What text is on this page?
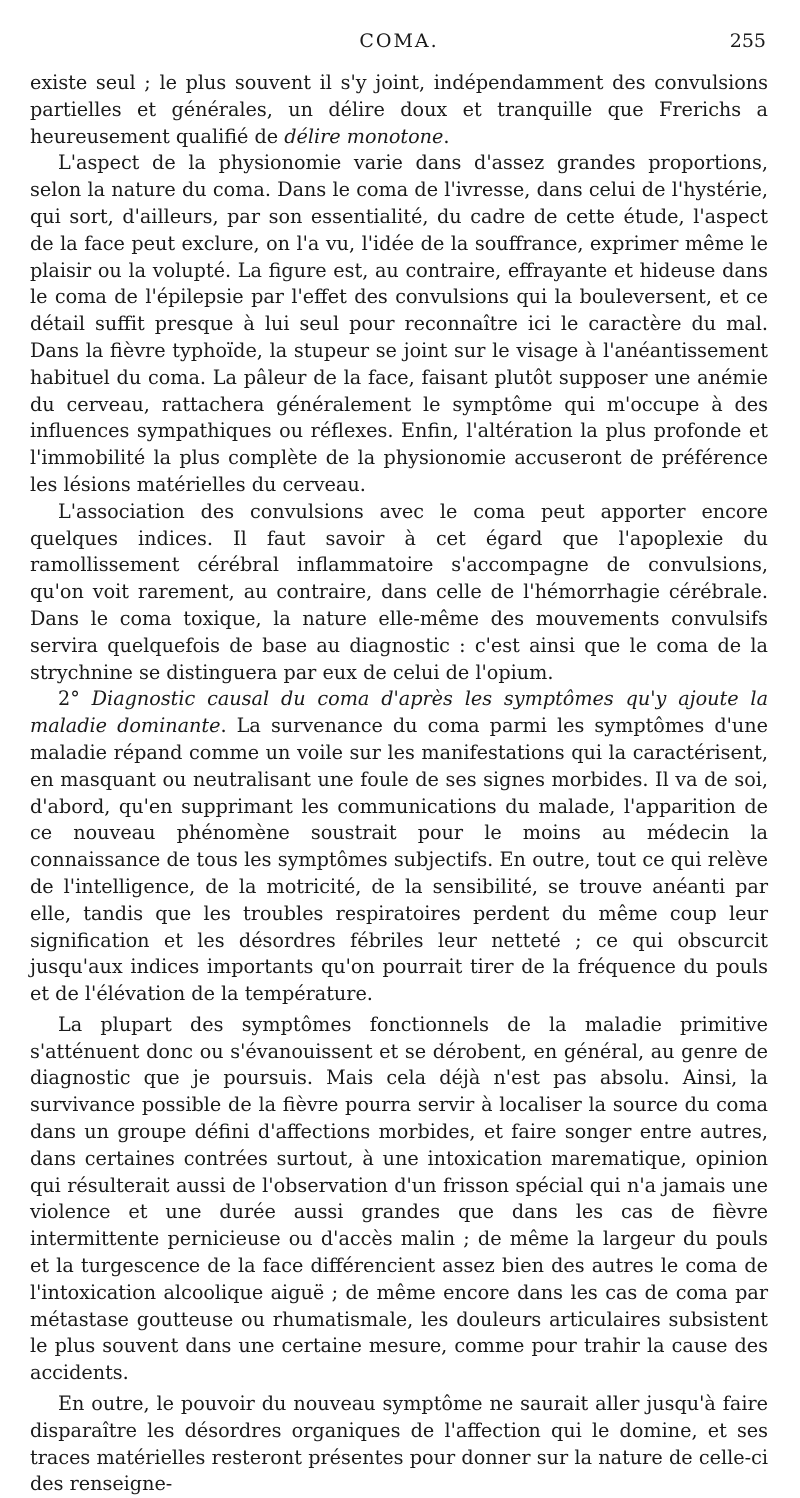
COMA.	255

existe seul ; le plus souvent il s'y joint, indépendamment des convulsions partielles et générales, un délire doux et tranquille que Frerichs a heureusement qualifié de délire monotone.

L'aspect de la physionomie varie dans d'assez grandes proportions, selon la nature du coma. Dans le coma de l'ivresse, dans celui de l'hystérie, qui sort, d'ailleurs, par son essentialité, du cadre de cette étude, l'aspect de la face peut exclure, on l'a vu, l'idée de la souffrance, exprimer même le plaisir ou la volupté. La figure est, au contraire, effrayante et hideuse dans le coma de l'épilepsie par l'effet des convulsions qui la bouleversent, et ce détail suffit presque à lui seul pour reconnaître ici le caractère du mal. Dans la fièvre typhoïde, la stupeur se joint sur le visage à l'anéantissement habituel du coma. La pâleur de la face, faisant plutôt supposer une anémie du cerveau, rattachera généralement le symptôme qui m'occupe à des influences sympathiques ou réflexes. Enfin, l'altération la plus profonde et l'immobilité la plus complète de la physionomie accuseront de préférence les lésions matérielles du cerveau.

L'association des convulsions avec le coma peut apporter encore quelques indices. Il faut savoir à cet égard que l'apoplexie du ramollissement cérébral inflammatoire s'accompagne de convulsions, qu'on voit rarement, au contraire, dans celle de l'hémorrhagie cérébrale. Dans le coma toxique, la nature elle-même des mouvements convulsifs servira quelquefois de base au diagnostic : c'est ainsi que le coma de la strychnine se distinguera par eux de celui de l'opium.

2° Diagnostic causal du coma d'après les symptômes qu'y ajoute la maladie dominante. La survenance du coma parmi les symptômes d'une maladie répand comme un voile sur les manifestations qui la caractérisent, en masquant ou neutralisant une foule de ses signes morbides. Il va de soi, d'abord, qu'en supprimant les communications du malade, l'apparition de ce nouveau phénomène soustrait pour le moins au médecin la connaissance de tous les symptômes subjectifs. En outre, tout ce qui relève de l'intelligence, de la motricité, de la sensibilité, se trouve anéanti par elle, tandis que les troubles respiratoires perdent du même coup leur signification et les désordres fébriles leur netteté ; ce qui obscurcit jusqu'aux indices importants qu'on pourrait tirer de la fréquence du pouls et de l'élévation de la température.

La plupart des symptômes fonctionnels de la maladie primitive s'atténuent donc ou s'évanouissent et se dérobent, en général, au genre de diagnostic que je poursuis. Mais cela déjà n'est pas absolu. Ainsi, la survivance possible de la fièvre pourra servir à localiser la source du coma dans un groupe défini d'affections morbides, et faire songer entre autres, dans certaines contrées surtout, à une intoxication marematique, opinion qui résulterait aussi de l'observation d'un frisson spécial qui n'a jamais une violence et une durée aussi grandes que dans les cas de fièvre intermittente pernicieuse ou d'accès malin ; de même la largeur du pouls et la turgescence de la face différencient assez bien des autres le coma de l'intoxication alcoolique aiguë ; de même encore dans les cas de coma par métastase goutteuse ou rhumatismale, les douleurs articulaires subsistent le plus souvent dans une certaine mesure, comme pour trahir la cause des accidents.

En outre, le pouvoir du nouveau symptôme ne saurait aller jusqu'à faire disparaître les désordres organiques de l'affection qui le domine, et ses traces matérielles resteront présentes pour donner sur la nature de celle-ci des renseigne-
